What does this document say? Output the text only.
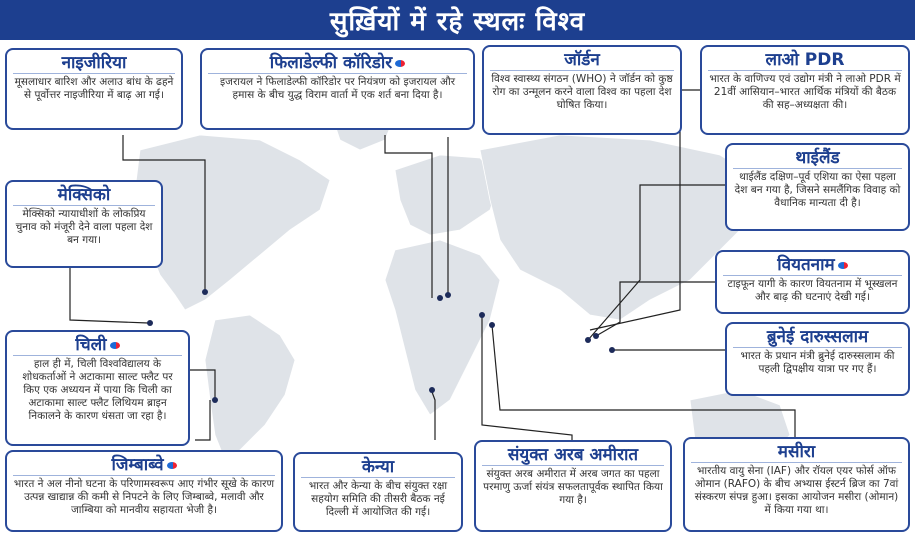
सुर्ख़ियों में रहे स्थलः विश्व
नाइजीरिया
मूसलाधार बारिश और अलाउ बांध के ढहने से पूर्वोत्तर नाइजीरिया में बाढ़ आ गई।
फिलाडेल्फी कॉरिडोर
इजरायल ने फिलाडेल्फी कॉरिडोर पर नियंत्रण को इजरायल और हमास के बीच युद्ध विराम वार्ता में एक शर्त बना दिया है।
जॉर्डन
विश्व स्वास्थ्य संगठन (WHO) ने जॉर्डन को कुष्ठ रोग का उन्मूलन करने वाला विश्व का पहला देश घोषित किया।
लाओ PDR
भारत के वाणिज्य एवं उद्योग मंत्री ने लाओ PDR में 21वीं आसियान–भारत आर्थिक मंत्रियों की बैठक की सह–अध्यक्षता की।
मेक्सिको
मेक्सिको न्यायाधीशों के लोकप्रिय चुनाव को मंजूरी देने वाला पहला देश बन गया।
थाईलैंड
थाईलैंड दक्षिण–पूर्व एशिया का ऐसा पहला देश बन गया है, जिसने समलैंगिक विवाह को वैधानिक मान्यता दी है।
वियतनाम
टाइफून यागी के कारण वियतनाम में भूस्खलन और बाढ़ की घटनाएं देखी गई।
चिली
हाल ही में, चिली विश्वविद्यालय के शोधकर्ताओं ने अटाकामा साल्ट फ्लैट पर किए एक अध्ययन में पाया कि चिली का अटाकामा साल्ट फ्लैट लिथियम ब्राइन निकालने के कारण धंसता जा रहा है।
ब्रुनेई दारुस्सलाम
भारत के प्रधान मंत्री ब्रुनेई दारुस्सलाम की पहली द्विपक्षीय यात्रा पर गए हैं।
जिम्बाब्वे
भारत ने अल नीनो घटना के परिणामस्वरूप आए गंभीर सूखे के कारण उत्पन्न खाद्यान्न की कमी से निपटने के लिए जिम्बाब्वे, मलावी और जाम्बिया को मानवीय सहायता भेजी है।
केन्या
भारत और केन्या के बीच संयुक्त रक्षा सहयोग समिति की तीसरी बैठक नई दिल्ली में आयोजित की गई।
संयुक्त अरब अमीरात
संयुक्त अरब अमीरात में अरब जगत का पहला परमाणु ऊर्जा संयंत्र सफलतापूर्वक स्थापित किया गया है।
मसीरा
भारतीय वायु सेना (IAF) और रॉयल एयर फोर्स ऑफ ओमान (RAFO) के बीच अभ्यास ईस्टर्न ब्रिज का 7वां संस्करण संपन्न हुआ। इसका आयोजन मसीरा (ओमान) में किया गया था।
